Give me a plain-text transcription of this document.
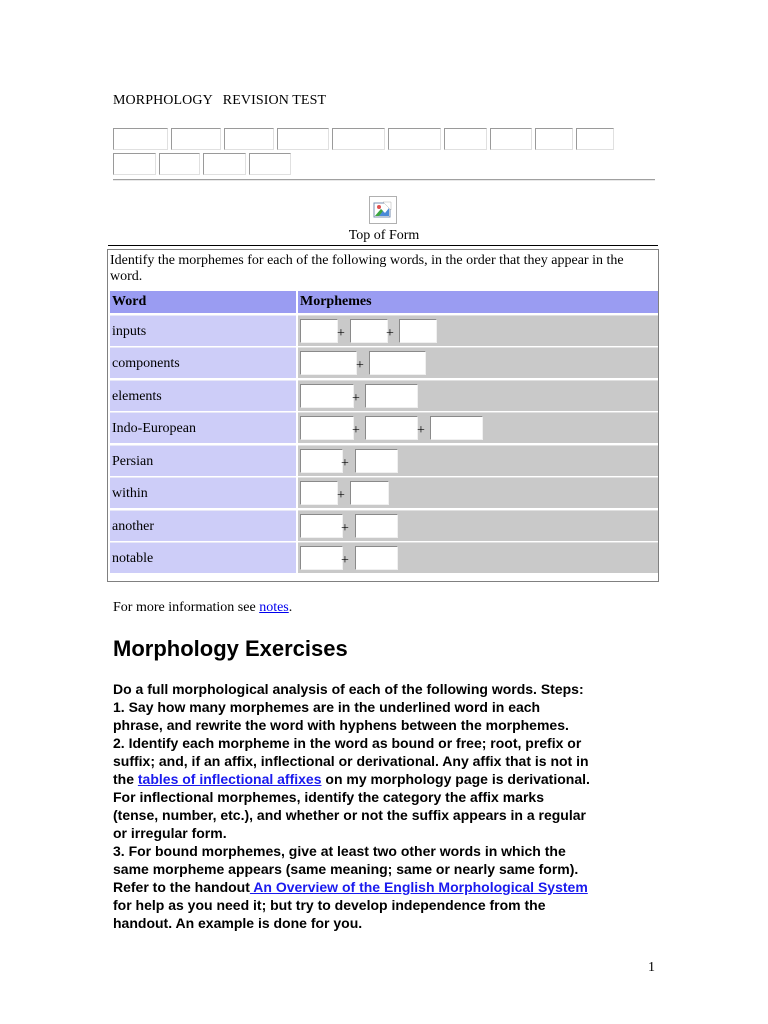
MORPHOLOGY REVISION TEST
Top of Form
Identify the morphemes for each of the following words, in the order that they appear in the word.
Word	Morphemes
inputs	+	+
components	+
elements	+
Indo-European	+	+
Persian	+
within	+
another	+
notable	+
For more information see notes.
Morphology Exercises
Do a full morphological analysis of each of the following words. Steps:
1. Say how many morphemes are in the underlined word in each
phrase, and rewrite the word with hyphens between the morphemes.
2. Identify each morpheme in the word as bound or free; root, prefix or
suffix; and, if an affix, inflectional or derivational. Any affix that is not in
the tables of inflectional affixes on my morphology page is derivational.
For inflectional morphemes, identify the category the affix marks
(tense, number, etc.), and whether or not the suffix appears in a regular
or irregular form.
3. For bound morphemes, give at least two other words in which the
same morpheme appears (same meaning; same or nearly same form).
Refer to the handout An Overview of the English Morphological System
for help as you need it; but try to develop independence from the
handout. An example is done for you.
1
